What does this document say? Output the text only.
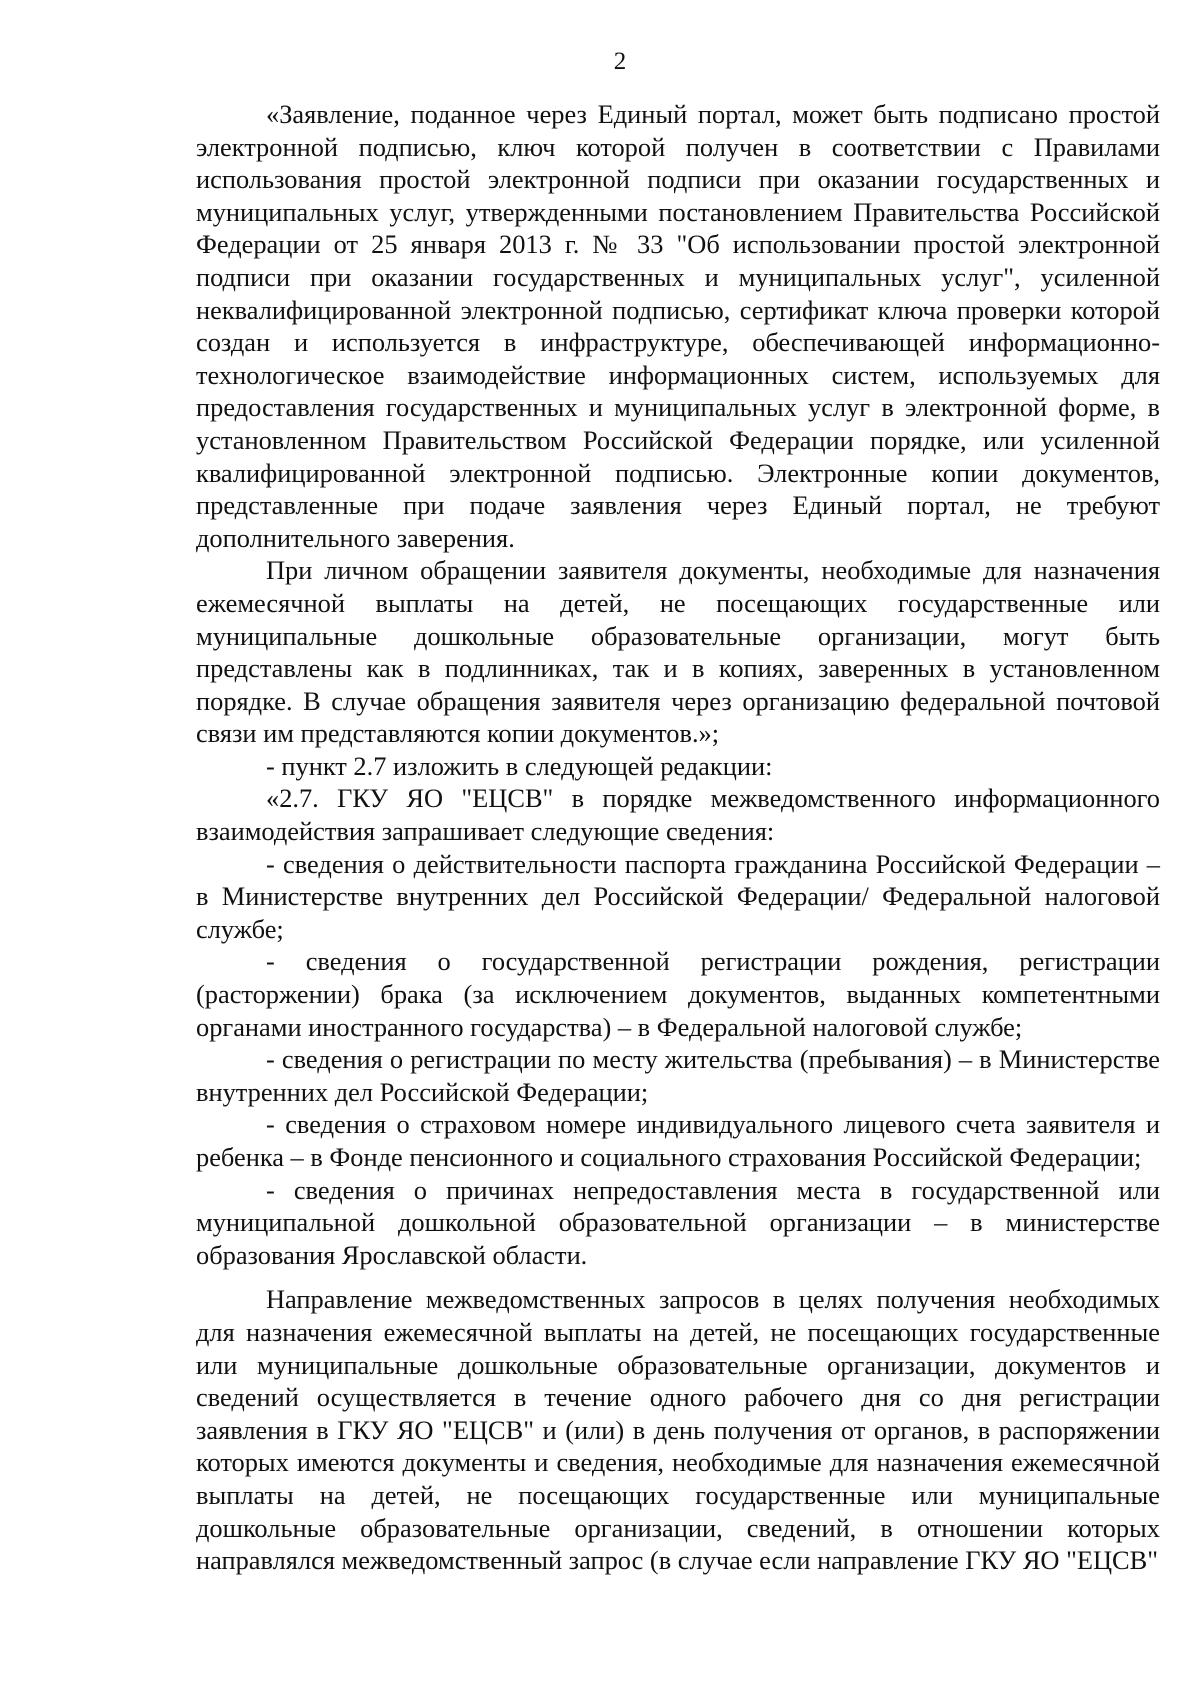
2

«Заявление, поданное через Единый портал, может быть подписано простой электронной подписью, ключ которой получен в соответствии с Правилами использования простой электронной подписи при оказании государственных и муниципальных услуг, утвержденными постановлением Правительства Российской Федерации от 25 января 2013 г. № 33 "Об использовании простой электронной подписи при оказании государственных и муниципальных услуг", усиленной неквалифицированной электронной подписью, сертификат ключа проверки которой создан и используется в инфраструктуре, обеспечивающей информационно-технологическое взаимодействие информационных систем, используемых для предоставления государственных и муниципальных услуг в электронной форме, в установленном Правительством Российской Федерации порядке, или усиленной квалифицированной электронной подписью. Электронные копии документов, представленные при подаче заявления через Единый портал, не требуют дополнительного заверения.

При личном обращении заявителя документы, необходимые для назначения ежемесячной выплаты на детей, не посещающих государственные или муниципальные дошкольные образовательные организации, могут быть представлены как в подлинниках, так и в копиях, заверенных в установленном порядке. В случае обращения заявителя через организацию федеральной почтовой связи им представляются копии документов.»;

- пункт 2.7 изложить в следующей редакции:

«2.7. ГКУ ЯО "ЕЦСВ" в порядке межведомственного информационного взаимодействия запрашивает следующие сведения:

- сведения о действительности паспорта гражданина Российской Федерации – в Министерстве внутренних дел Российской Федерации/ Федеральной налоговой службе;

- сведения о государственной регистрации рождения, регистрации (расторжении) брака (за исключением документов, выданных компетентными органами иностранного государства) – в Федеральной налоговой службе;

- сведения о регистрации по месту жительства (пребывания) – в Министерстве внутренних дел Российской Федерации;

- сведения о страховом номере индивидуального лицевого счета заявителя и ребенка – в Фонде пенсионного и социального страхования Российской Федерации;

- сведения о причинах непредоставления места в государственной или муниципальной дошкольной образовательной организации – в министерстве образования Ярославской области.

Направление межведомственных запросов в целях получения необходимых для назначения ежемесячной выплаты на детей, не посещающих государственные или муниципальные дошкольные образовательные организации, документов и сведений осуществляется в течение одного рабочего дня со дня регистрации заявления в ГКУ ЯО "ЕЦСВ" и (или) в день получения от органов, в распоряжении которых имеются документы и сведения, необходимые для назначения ежемесячной выплаты на детей, не посещающих государственные или муниципальные дошкольные образовательные организации, сведений, в отношении которых направлялся межведомственный запрос (в случае если направление ГКУ ЯО "ЕЦСВ"
